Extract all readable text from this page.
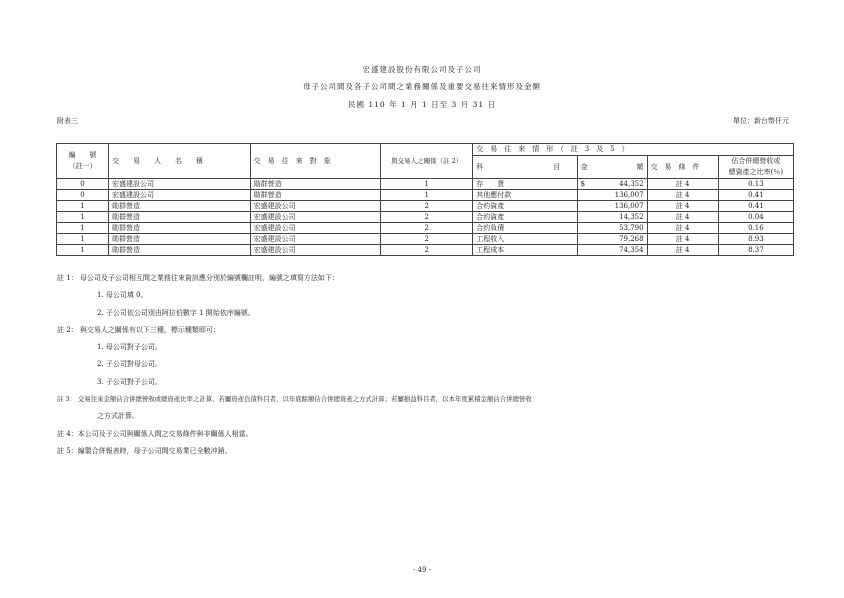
宏盛建設股份有限公司及子公司
母子公司間及各子公司間之業務關係及重要交易往來情形及金額
民國 110 年 1 月 1 日至 3 月 31 日
附表三	單位：新台幣仟元
編　　號
（註一）	交　　易　　人　　名　　稱	交　易　往　來　對　象	與交易人之關係（註 2）	交　易　往　來　情　形　（　註　3　及　5　）			
				科　　　　　　　　　　目	金　　　　　　　額	交　易　條　件	佔合併總營收或
總資產之比率(％)

0	宏盛建設公司	勛群營造	1	存　　貨	$ 44,352	註 4	0.13
0	宏盛建設公司	勛群營造	1	其他應付款	136,007	註 4	0.41
1	勛群營造	宏盛建設公司	2	合約資產	136,007	註 4	0.41
1	勛群營造	宏盛建設公司	2	合約資產	14,352	註 4	0.04
1	勛群營造	宏盛建設公司	2	合約負債	53,790	註 4	0.16
1	勛群營造	宏盛建設公司	2	工程收入	79,268	註 4	8.93
1	勛群營造	宏盛建設公司	2	工程成本	74,354	註 4	8.37
註 1： 母公司及子公司相互間之業務往來資訊應分別於編號欄註明，編號之填寫方法如下：
1. 母公司填 0。
2. 子公司依公司別由阿拉伯數字 1 開始依序編號。
註 2： 與交易人之關係有以下三種，標示種類即可：
1. 母公司對子公司。
2. 子公司對母公司。
3. 子公司對子公司。
註 3： 交易往來金額佔合併總營收或總資產比率之計算，若屬資產負債科目者，以年底餘額佔合併總資產之方式計算；若屬損益科目者，以本年度累積金額佔合併總營收
之方式計算。
註 4：本公司及子公司與關係人間之交易條件與非關係人相當。
註 5：編製合併報表時，母子公司間交易業已全數沖銷。
- 49 -
